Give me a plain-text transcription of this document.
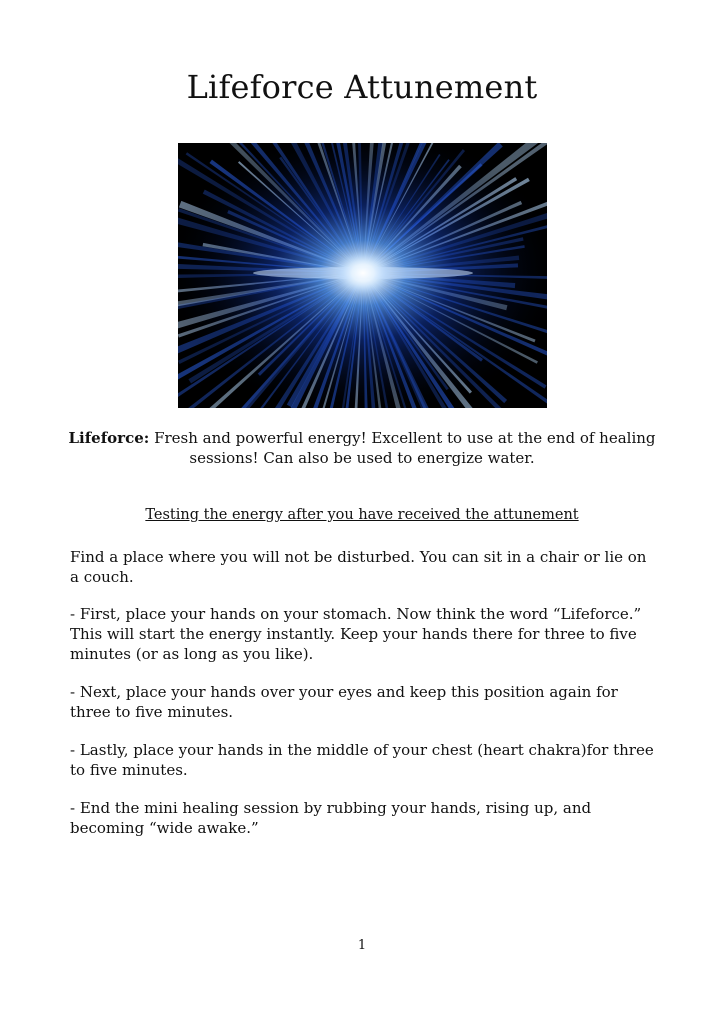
Lifeforce Attunement
Lifeforce: Fresh and powerful energy! Excellent to use at the end of healing
sessions! Can also be used to energize water.
Testing the energy after you have received the attunement

Find a place where you will not be disturbed. You can sit in a chair or lie on a couch.

- First, place your hands on your stomach. Now think the word “Lifeforce.” This will start the energy instantly. Keep your hands there for three to five minutes (or as long as you like).

- Next, place your hands over your eyes and keep this position again for three to five minutes.

- Lastly, place your hands in the middle of your chest (heart chakra)for three to five minutes.

- End the mini healing session by rubbing your hands, rising up, and becoming “wide awake.”

1
